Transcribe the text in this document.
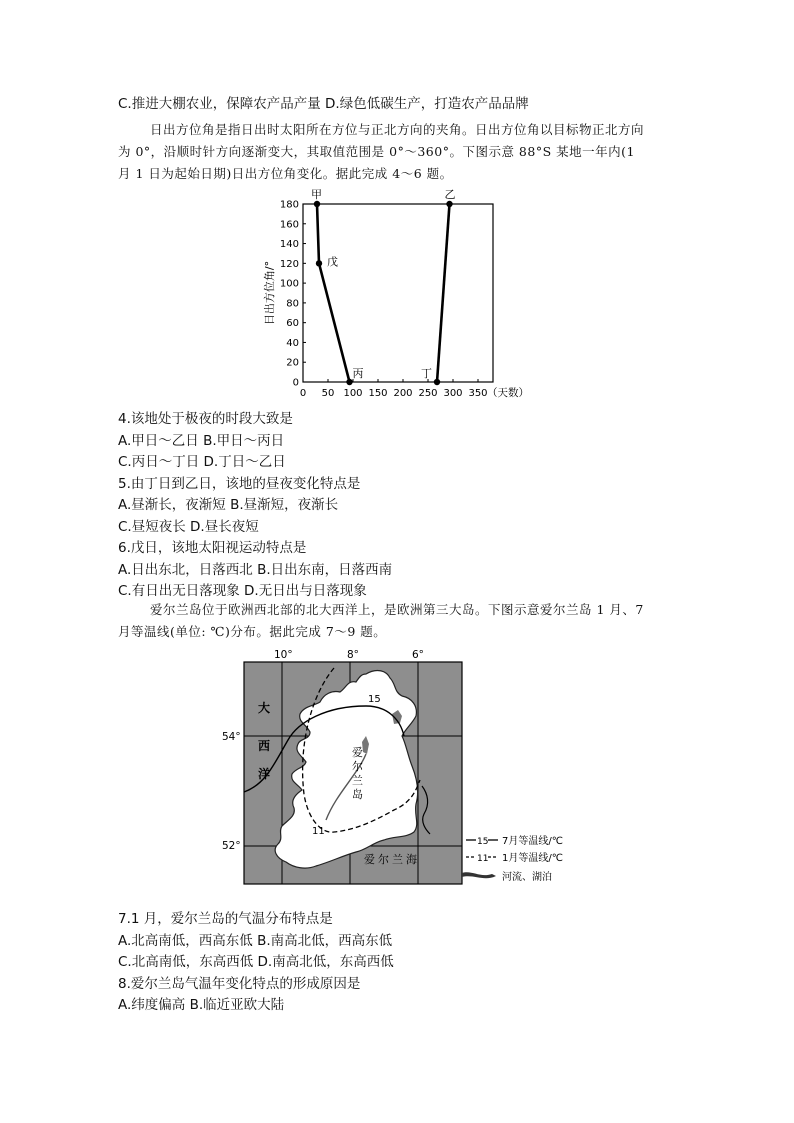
C.推进大棚农业，保障农产品产量 D.绿色低碳生产，打造农产品品牌
日出方位角是指日出时太阳所在方位与正北方向的夹角。日出方位角以目标物正北方向
为 0°，沿顺时针方向逐渐变大，其取值范围是 0°～360°。下图示意 88°S 某地一年内(1
月 1 日为起始日期)日出方位角变化。据此完成 4～6 题。
0
20
40
60
80
100
120
140
160
180
0 50 100 150 200 250 300 350
甲
戊
丙	丁
乙
日出方位角/°
（天数）
4.该地处于极夜的时段大致是
A.甲日～乙日 B.甲日～丙日
C.丙日～丁日 D.丁日～乙日
5.由丁日到乙日，该地的昼夜变化特点是
A.昼渐长，夜渐短 B.昼渐短，夜渐长
C.昼短夜长 D.昼长夜短
6.戊日，该地太阳视运动特点是
A.日出东北，日落西北 B.日出东南，日落西南
C.有日出无日落现象 D.无日出与日落现象
爱尔兰岛位于欧洲西北部的北大西洋上，是欧洲第三大岛。下图示意爱尔兰岛 1 月、7
月等温线(单位: ℃)分布。据此完成 7～9 题。
10°	8°	6°
54°
52°
15
11
大
西
洋
爱
尔
兰
岛
爱尔兰海
15 7月等温线/℃
11 1月等温线/℃
河流、湖泊
7.1 月，爱尔兰岛的气温分布特点是
A.北高南低，西高东低 B.南高北低，西高东低
C.北高南低，东高西低 D.南高北低，东高西低
8.爱尔兰岛气温年变化特点的形成原因是
A.纬度偏高 B.临近亚欧大陆
